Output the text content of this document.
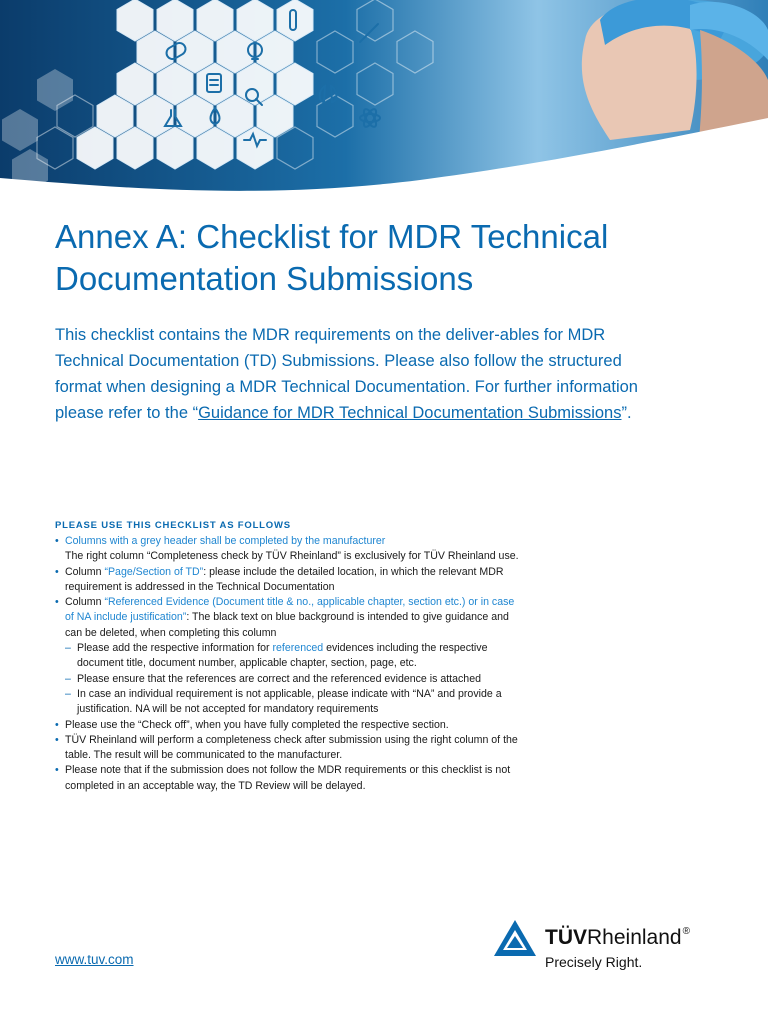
Annex A: Checklist for MDR Technical Documentation Submissions

This checklist contains the MDR requirements on the deliver-ables for MDR Technical Documentation (TD) Submissions. Please also follow the structured format when designing a MDR Technical Documentation. For further information please refer to the “Guidance for MDR Technical Documentation Submissions”.

PLEASE USE THIS CHECKLIST AS FOLLOWS
• Columns with a grey header shall be completed by the manufacturer
The right column “Completeness check by TÜV Rheinland” is exclusively for TÜV Rheinland use.
• Column “Page/Section of TD”: please include the detailed location, in which the relevant MDR requirement is addressed in the Technical Documentation
• Column “Referenced Evidence (Document title & no., applicable chapter, section etc.) or in case of NA include justification”: The black text on blue background is intended to give guidance and can be deleted, when completing this column
– Please add the respective information for referenced evidences including the respective document title, document number, applicable chapter, section, page, etc.
– Please ensure that the references are correct and the referenced evidence is attached
– In case an individual requirement is not applicable, please indicate with “NA” and provide a justification. NA will be not accepted for mandatory requirements
• Please use the “Check off”, when you have fully completed the respective section.
• TÜV Rheinland will perform a completeness check after submission using the right column of the table. The result will be communicated to the manufacturer.
• Please note that if the submission does not follow the MDR requirements or this checklist is not completed in an acceptable way, the TD Review will be delayed.
www.tuv.com
TÜVRheinland®
Precisely Right.
